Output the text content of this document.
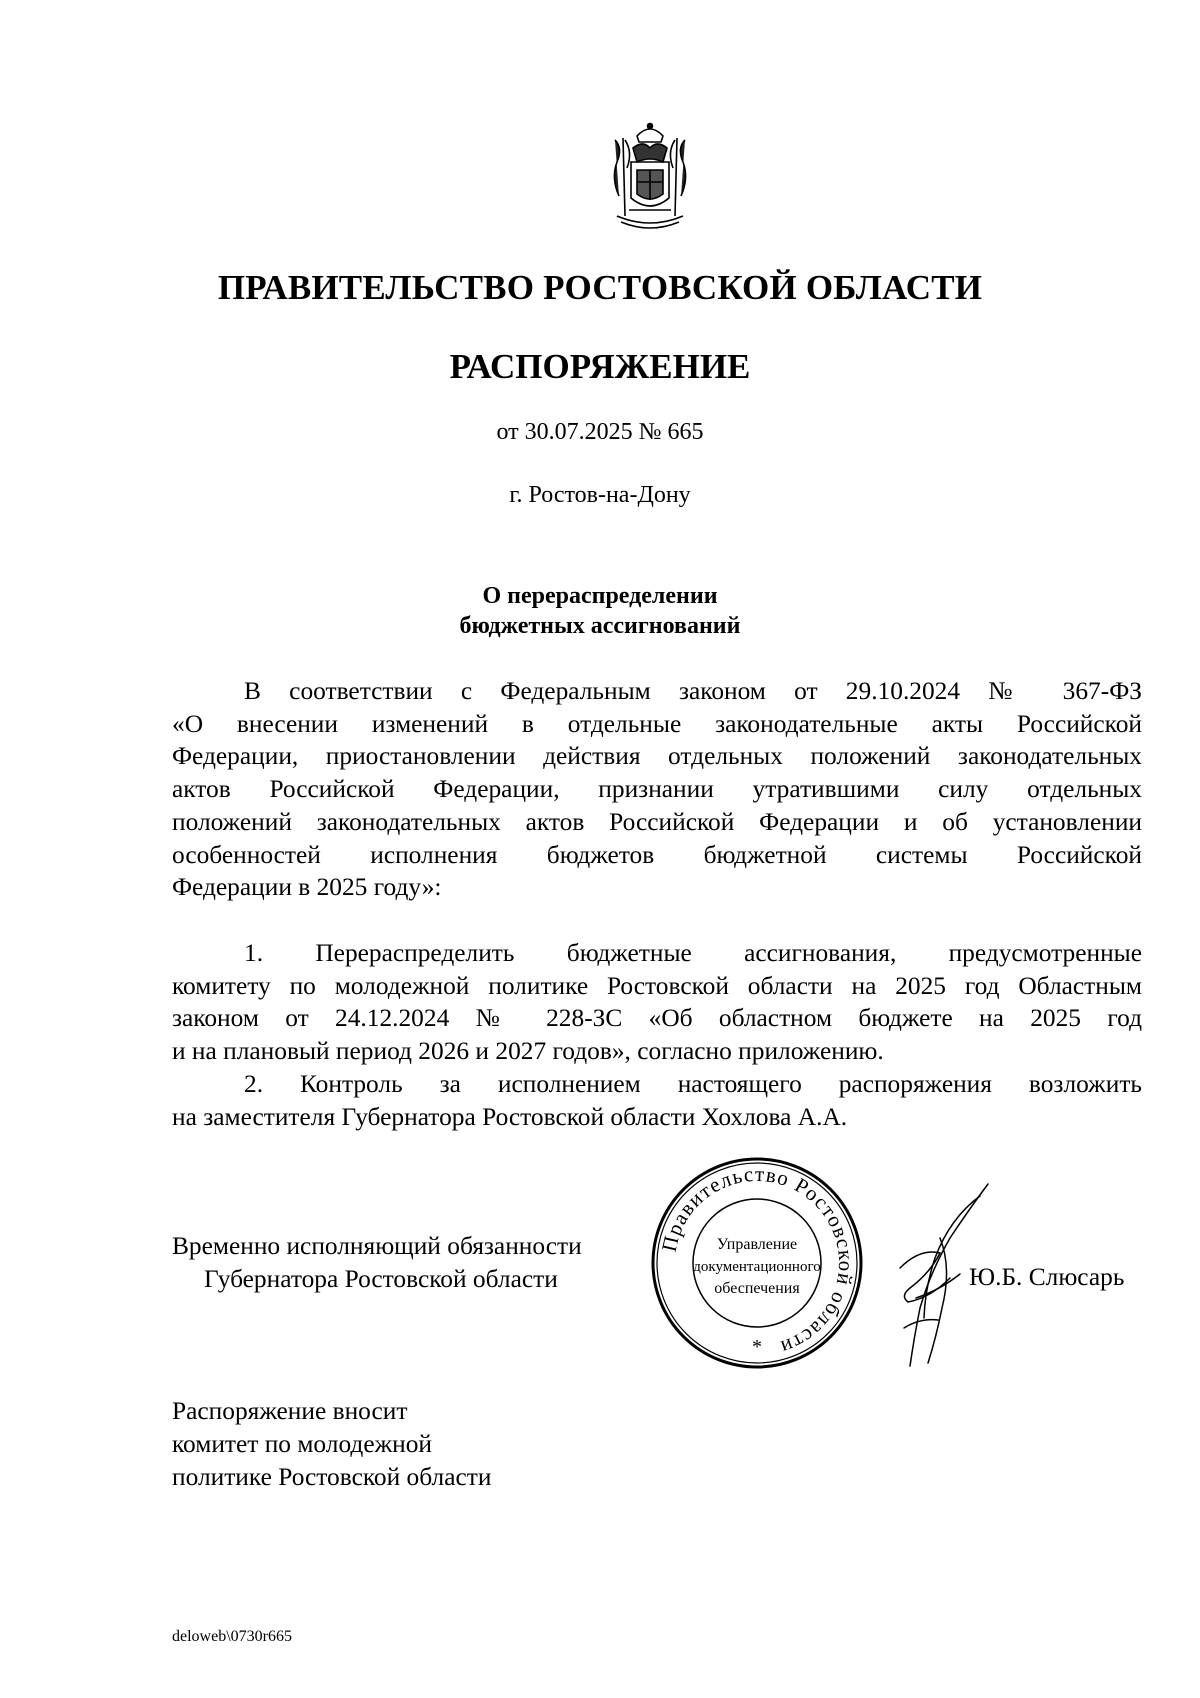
ПРАВИТЕЛЬСТВО РОСТОВСКОЙ ОБЛАСТИ
РАСПОРЯЖЕНИЕ
от 30.07.2025 № 665
г. Ростов-на-Дону
О перераспределении
бюджетных ассигнований
В соответствии с Федеральным законом от 29.10.2024 № 367-ФЗ
«О внесении изменений в отдельные законодательные акты Российской
Федерации, приостановлении действия отдельных положений законодательных
актов Российской Федерации, признании утратившими силу отдельных
положений законодательных актов Российской Федерации и об установлении
особенностей исполнения бюджетов бюджетной системы Российской
Федерации в 2025 году»:
1. Перераспределить бюджетные ассигнования, предусмотренные
комитету по молодежной политике Ростовской области на 2025 год Областным
законом от 24.12.2024 № 228-ЗС «Об областном бюджете на 2025 год
и на плановый период 2026 и 2027 годов», согласно приложению.
2. Контроль за исполнением настоящего распоряжения возложить
на заместителя Губернатора Ростовской области Хохлова А.А.
Временно исполняющий обязанности
Губернатора Ростовской области
Правительство Ростовской области
Управление
документационного
обеспечения
*
Ю.Б. Слюсарь
Распоряжение вносит
комитет по молодежной
политике Ростовской области
deloweb\0730r665
